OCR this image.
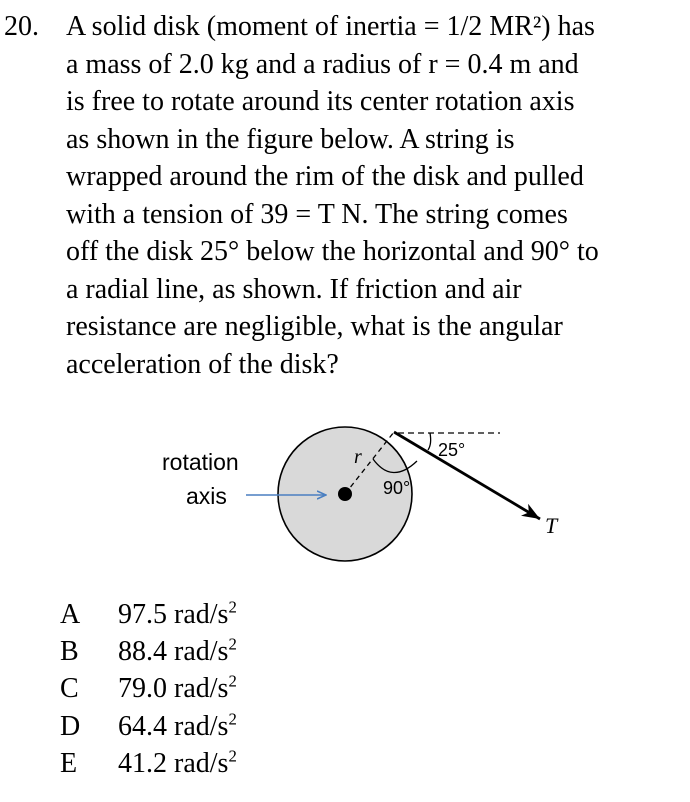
20. A solid disk (moment of inertia = 1/2 MR²) has
a mass of 2.0 kg and a radius of r = 0.4 m and
is free to rotate around its center rotation axis
as shown in the figure below. A string is
wrapped around the rim of the disk and pulled
with a tension of 39 = T N. The string comes
off the disk 25° below the horizontal and 90° to
a radial line, as shown. If friction and air
resistance are negligible, what is the angular
acceleration of the disk?
r
90°
25°
T
rotation
axis
A	97.5 rad/$s^2$
B	88.4 rad/$s^2$
C	79.0 rad/$s^2$
D	64.4 rad/$s^2$
E	41.2 rad/$s^2$
